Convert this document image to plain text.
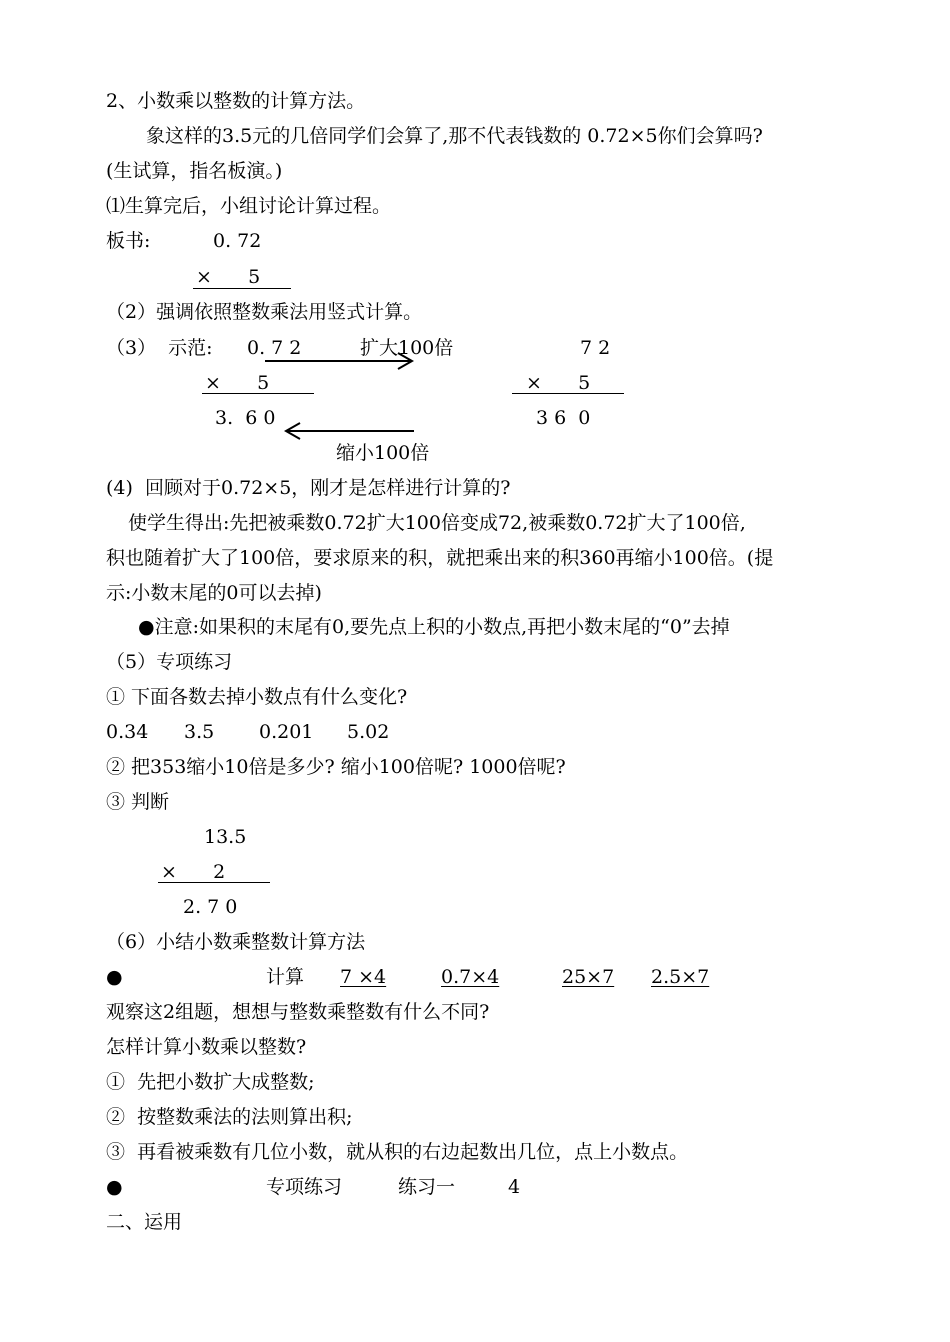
2、小数乘以整数的计算方法。
象这样的3.5元的几倍同学们会算了,那不代表钱数的 0.72×5你们会算吗?
(生试算，指名板演。)
⑴生算完后，小组讨论计算过程。
板书:	0. 72
×      5
（2）强调依照整数乘法用竖式计算。
（3）  示范: 0. 7 2	扩大100倍	7 2
×      5	×      5
3.  6 0	3 6  0
缩小100倍
(4)  回顾对于0.72×5，刚才是怎样进行计算的?
使学生得出:先把被乘数0.72扩大100倍变成72,被乘数0.72扩大了100倍,
积也随着扩大了100倍，要求原来的积，就把乘出来的积360再缩小100倍。(提
示:小数末尾的0可以去掉)
●注意:如果积的末尾有0,要先点上积的小数点,再把小数末尾的“0”去掉
（5）专项练习
① 下面各数去掉小数点有什么变化?
0.34 3.5 0.201 5.02
② 把353缩小10倍是多少? 缩小100倍呢? 1000倍呢?
③ 判断
13.5
×      2
2. 7 0
（6）小结小数乘整数计算方法
●	计算 7 ×4	0.7×4	25×7 2.5×7
观察这2组题，想想与整数乘整数有什么不同?
怎样计算小数乘以整数?
①  先把小数扩大成整数;
②  按整数乘法的法则算出积;
③  再看被乘数有几位小数，就从积的右边起数出几位，点上小数点。
●	专项练习	练习一	4
二、运用
